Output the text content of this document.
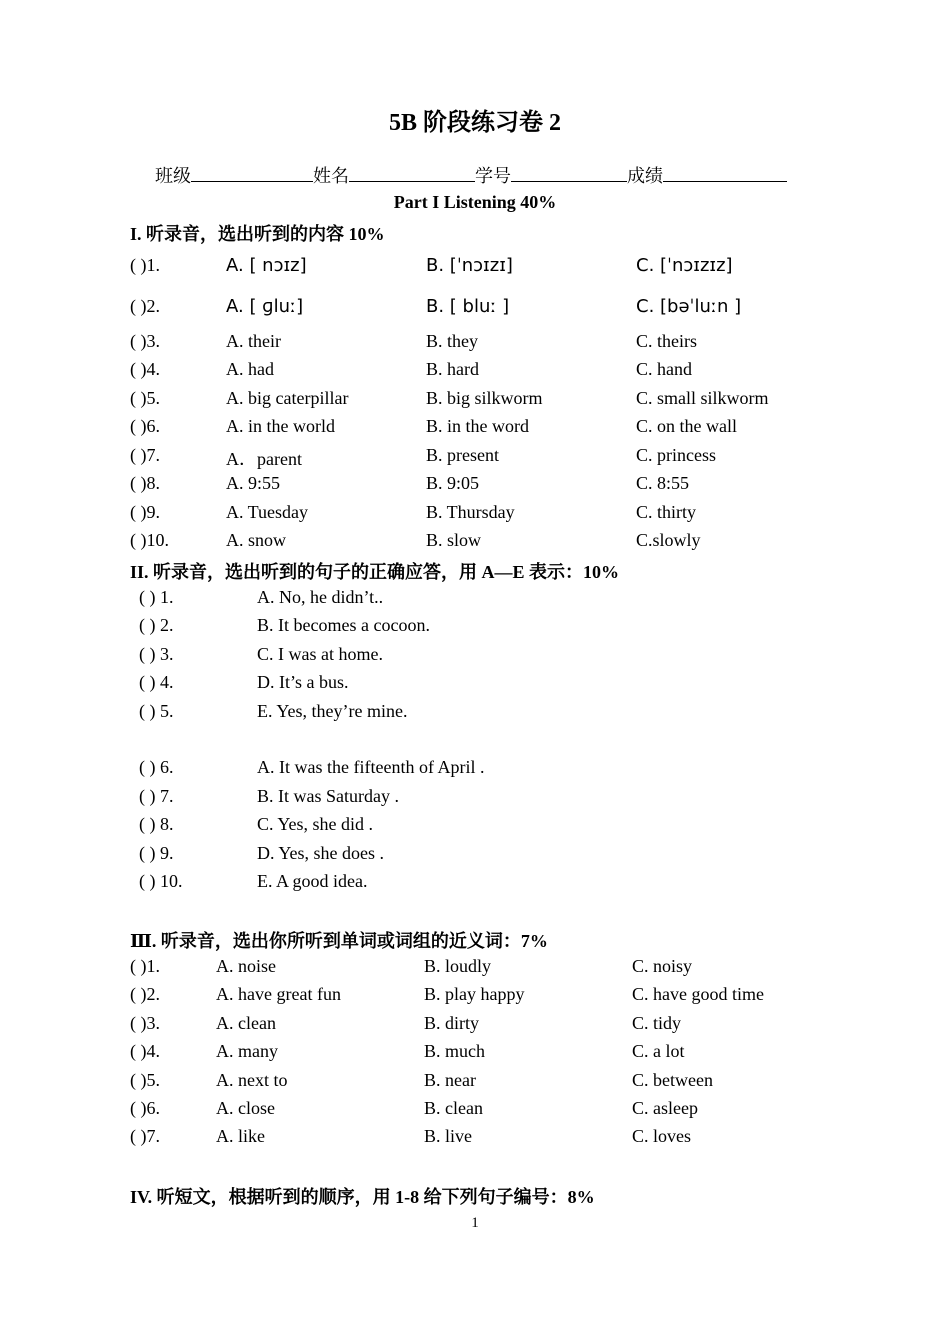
5B 阶段练习卷 2
班级	姓名	学号	成绩
Part I Listening 40%
I. 听录音，选出听到的内容 10%
( )1.	A. [ nɔɪz]	B. [ˈnɔɪzɪ]	C. [ˈnɔɪzɪz]
( )2.	A. [ ɡluː]	B. [ bluː ]	C. [bəˈluːn ]
( )3.	A. their	B. they	C. theirs
( )4.	A. had	B. hard	C. hand
( )5.	A. big caterpillar	B. big silkworm	C. small silkworm
( )6.	A. in the world	B. in the word	C. on the wall
( )7.	A．parent	B. present	C. princess
( )8.	A. 9:55	B. 9:05	C. 8:55
( )9.	A. Tuesday	B. Thursday	C. thirty
( )10.	A. snow	B. slow	C.slowly
II. 听录音，选出听到的句子的正确应答，用 A—E 表示：10%
( ) 1.	A. No, he didn’t..
( ) 2.	B. It becomes a cocoon.
( ) 3.	C. I was at home.
( ) 4.	D. It’s a bus.
( ) 5.	E. Yes, they’re mine.
( ) 6.	A. It was the fifteenth of April .
( ) 7.	B. It was Saturday .
( ) 8.	C. Yes, she did .
( ) 9.	D. Yes, she does .
( ) 10.	E. A good idea.
Ⅲ. 听录音，选出你所听到单词或词组的近义词：7%
( )1.	A. noise	B. loudly	C. noisy
( )2.	A. have great fun	B. play happy	C. have good time
( )3.	A. clean	B. dirty	C. tidy
( )4.	A. many	B. much	C. a lot
( )5.	A. next to	B. near	C. between
( )6.	A. close	B. clean	C. asleep
( )7.	A. like	B. live	C. loves
IV. 听短文，根据听到的顺序，用 1-8 给下列句子编号：8%
1
